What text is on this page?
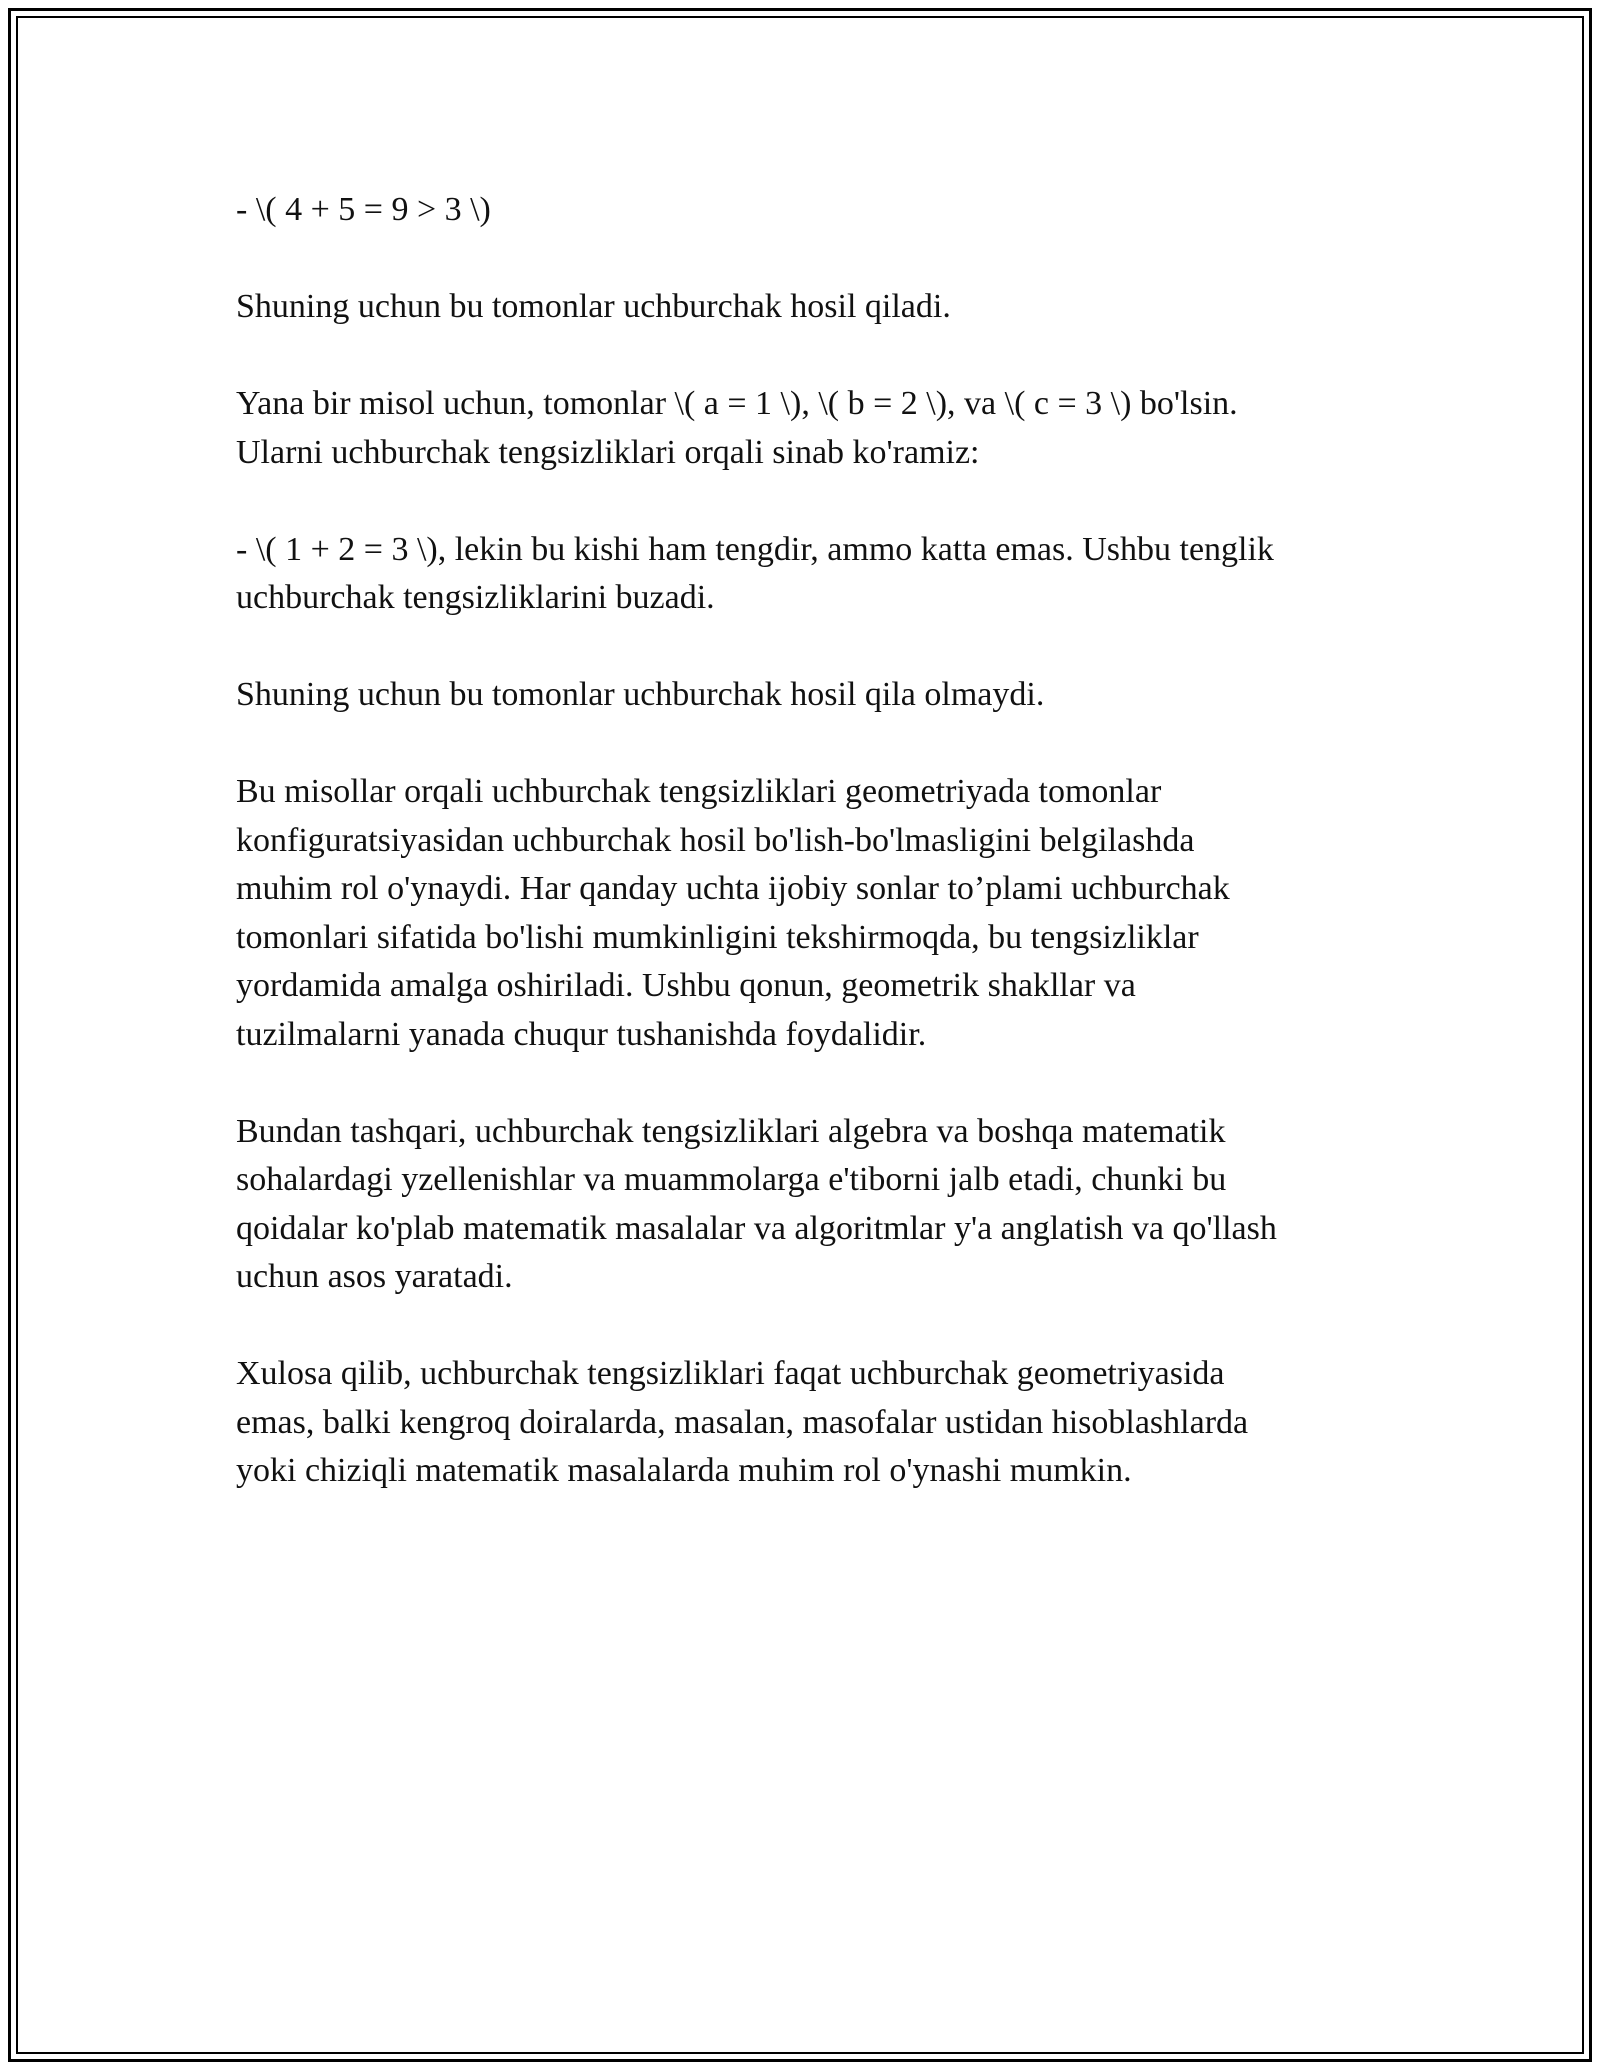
- \( 4 + 5 = 9 > 3 \)

Shuning uchun bu tomonlar uchburchak hosil qiladi.

Yana bir misol uchun, tomonlar \( a = 1 \), \( b = 2 \), va \( c = 3 \) bo'lsin.
Ularni uchburchak tengsizliklari orqali sinab ko'ramiz:

- \( 1 + 2 = 3 \), lekin bu kishi ham tengdir, ammo katta emas. Ushbu tenglik
uchburchak tengsizliklarini buzadi.

Shuning uchun bu tomonlar uchburchak hosil qila olmaydi.

Bu misollar orqali uchburchak tengsizliklari geometriyada tomonlar
konfiguratsiyasidan uchburchak hosil bo'lish-bo'lmasligini belgilashda
muhim rol o'ynaydi. Har qanday uchta ijobiy sonlar to’plami uchburchak
tomonlari sifatida bo'lishi mumkinligini tekshirmoqda, bu tengsizliklar
yordamida amalga oshiriladi. Ushbu qonun, geometrik shakllar va
tuzilmalarni yanada chuqur tushanishda foydalidir.

Bundan tashqari, uchburchak tengsizliklari algebra va boshqa matematik
sohalardagi yzellenishlar va muammolarga e'tiborni jalb etadi, chunki bu
qoidalar ko'plab matematik masalalar va algoritmlar y'a anglatish va qo'llash
uchun asos yaratadi.

Xulosa qilib, uchburchak tengsizliklari faqat uchburchak geometriyasida
emas, balki kengroq doiralarda, masalan, masofalar ustidan hisoblashlarda
yoki chiziqli matematik masalalarda muhim rol o'ynashi mumkin.
